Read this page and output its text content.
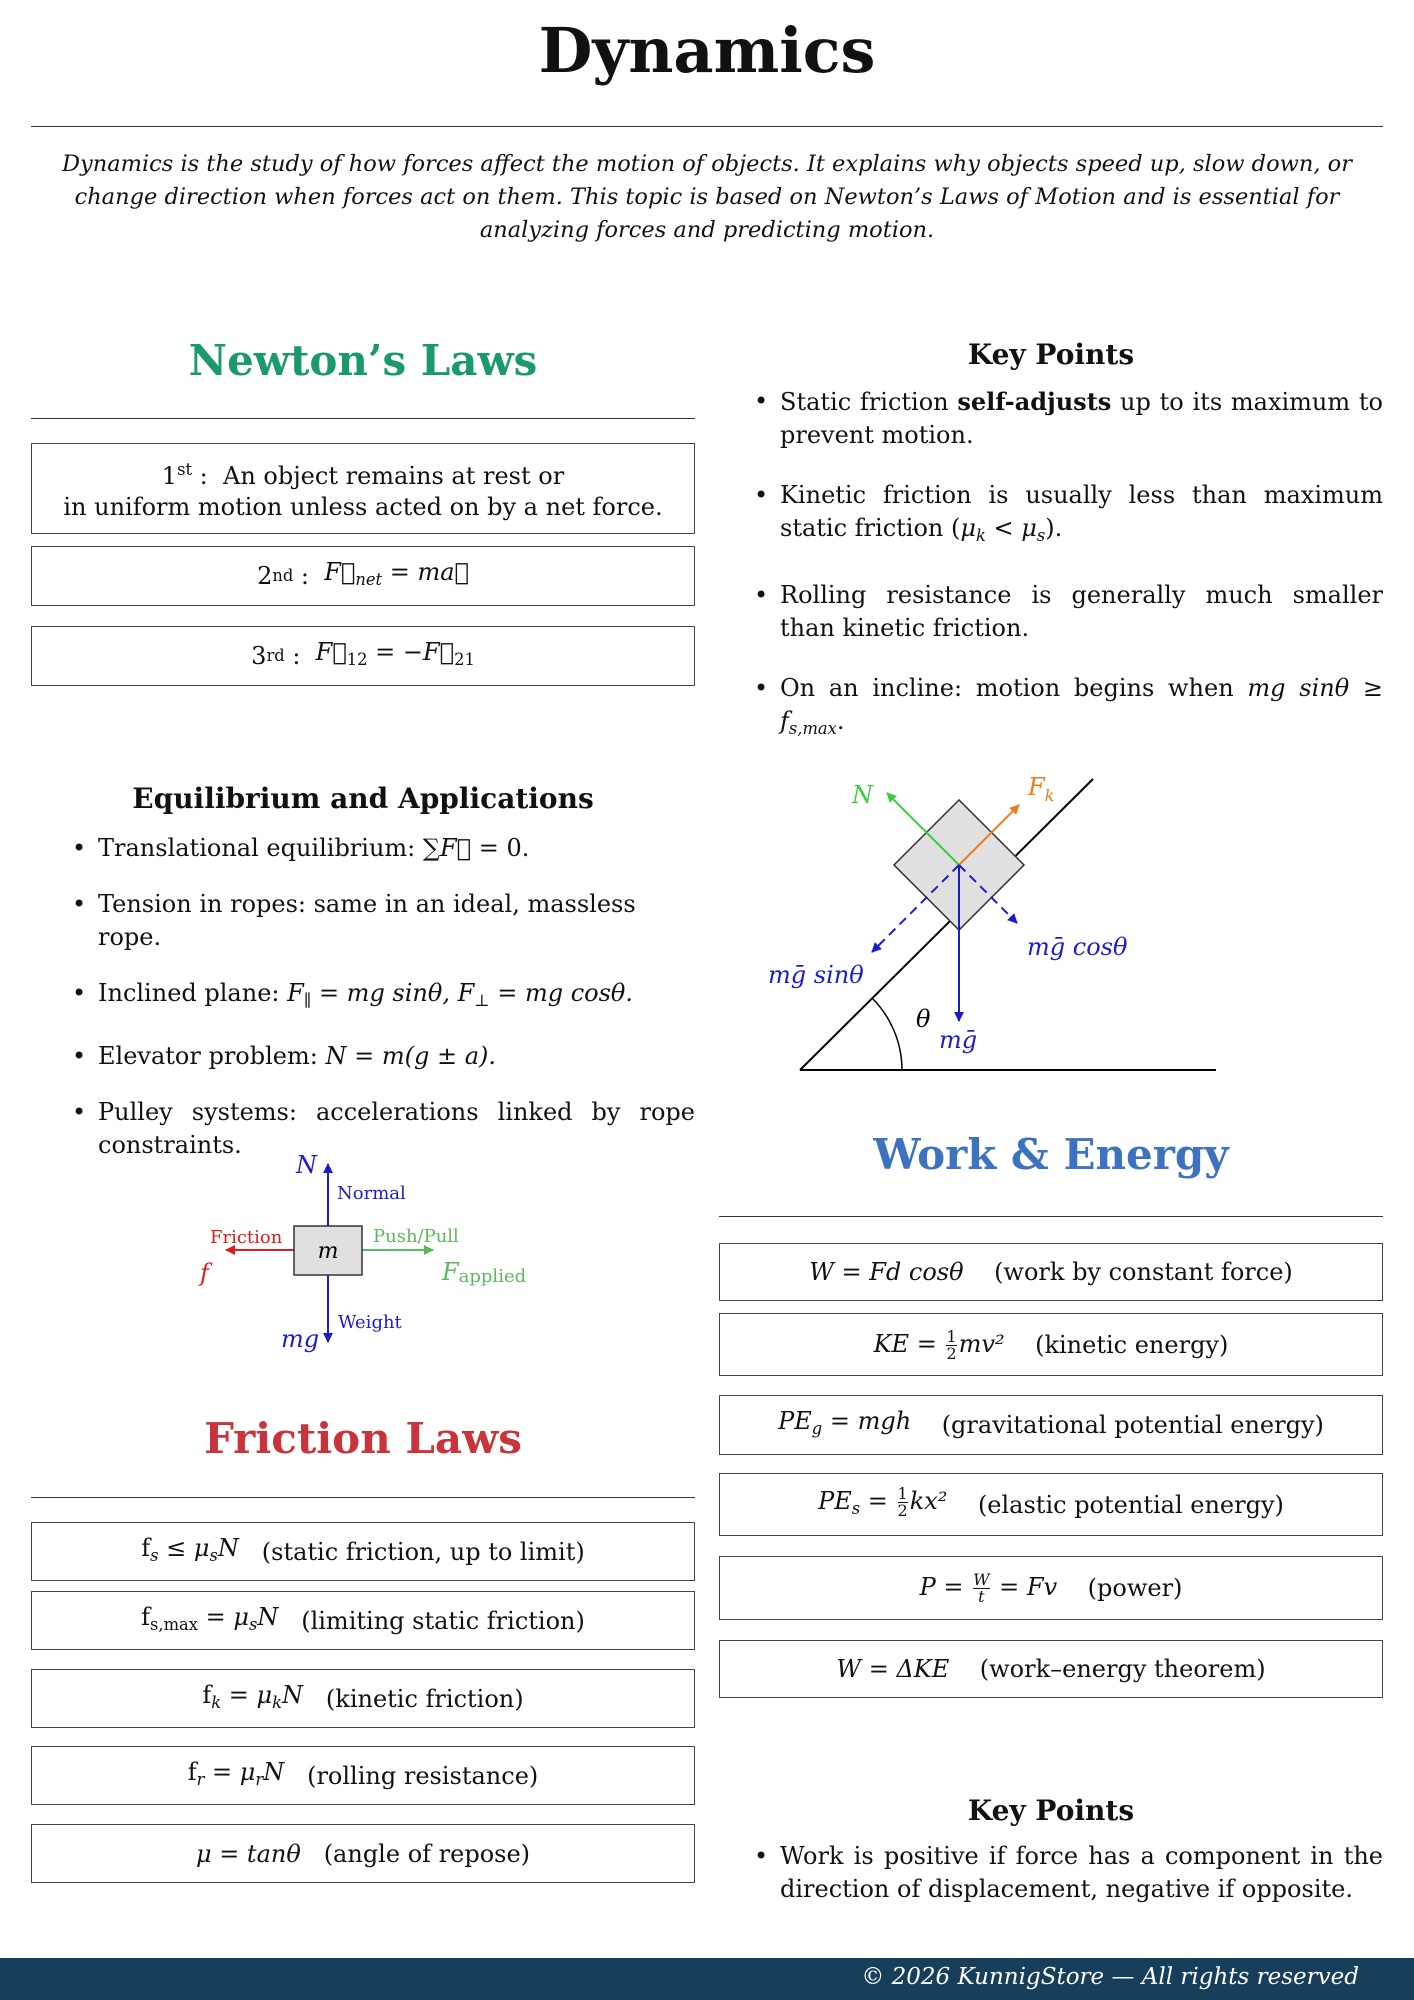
Dynamics
Dynamics is the study of how forces affect the motion of objects. It explains why objects speed up, slow down, or change direction when forces act on them. This topic is based on Newton’s Laws of Motion and is essential for analyzing forces and predicting motion.
Newton’s Laws
1st :  An object remains at rest or
in uniform motion unless acted on by a net force.
2 nd : $F⃗_{net}$ = ma
3 rd : $F⃗_{12}$ = $-F⃗_{21}$
Key Points
• Static friction self-adjusts up to its maximum to prevent motion.
• Kinetic friction is usually less than maximum static friction $(\mu_k < \mu_s)$.
• Rolling resistance is generally much smaller than kinetic friction.
• On an incline: motion begins when mg $\sin\theta \ge f_{s,max}$.
Equilibrium and Applications
• Translational equilibrium: ∑F = 0.
• Tension in ropes: same in an ideal, massless rope.
• Inclined plane: $F_\parallel$ = mg sinθ, $F_\perp$ = mg cosθ.
• Elevator problem: N = m(g ± a).
• Pulley systems: accelerations linked by rope constraints.
N	$F_k$
mḡ sinθ
mḡ cosθ
mḡ
θ
m
N
Normal
Friction
f
Push/Pull
Fapplied
Weight
mg
Friction Laws
$f_s \le \mu_sN$
(static friction, up to limit)
$f_{s,max} = \mu_sN$
(limiting static friction)
$f_k = \mu_kN$
(kinetic friction)
$f_r = \mu_rN$
(rolling resistance)
μ = tanθ
(angle of repose)
Work & Energy
W = Fd cosθ
(work by constant force)
KE = $\frac{1}{2} mv^2$
(kinetic energy)
$PE_g$ = mgh
(gravitational potential energy)
$PE_s = \frac{1}{2} kx^2$
(elastic potential energy)
$P = \frac{W}{t} = Fv$
(power)
W = ΔKE
(work–energy theorem)
Key Points
• Work is positive if force has a component in the direction of displacement, negative if opposite.
© 2026 KunnigStore — All rights reserved
